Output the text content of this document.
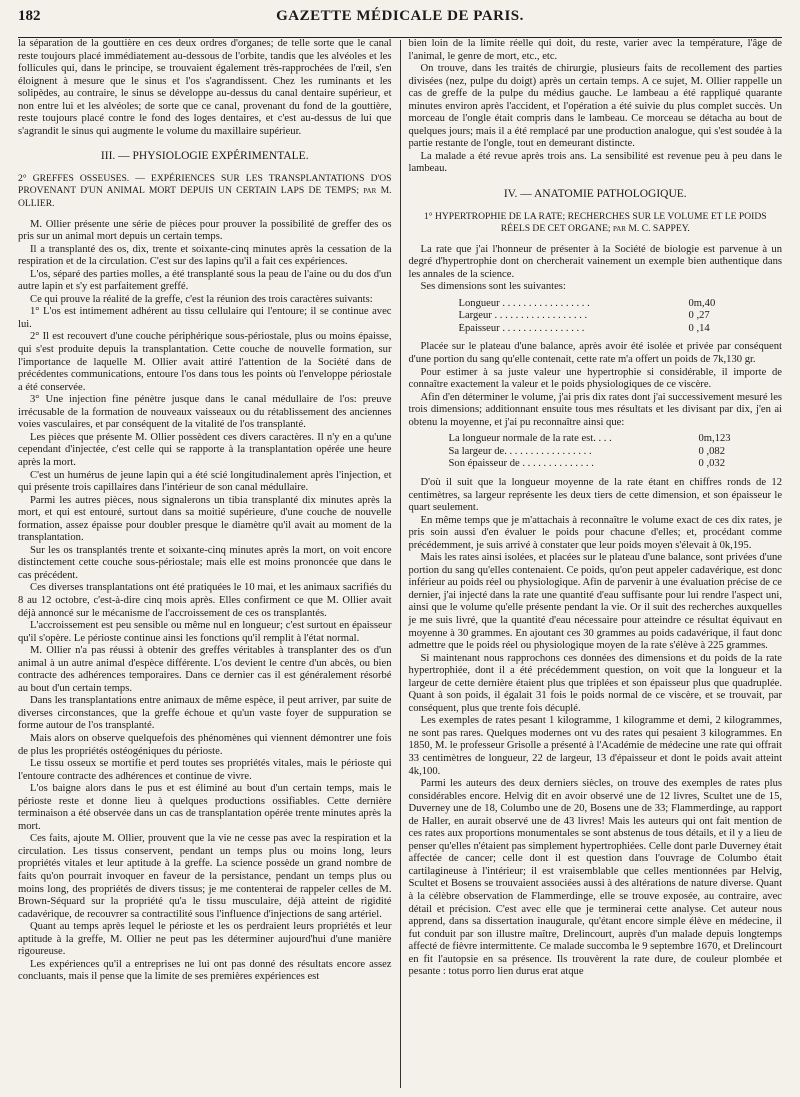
182	GAZETTE MÉDICALE DE PARIS.

la séparation de la gouttière en ces deux ordres d'organes; de telle sorte que le canal reste toujours placé immédiatement au-dessous de l'orbite, tandis que les alvéoles et les follicules qui, dans le principe, se trouvaient également très-rapprochées de l'œil, s'en éloignent à mesure que le sinus et l'os s'agrandissent. Chez les ruminants et les solipèdes, au contraire, le sinus se développe au-dessus du canal dentaire supérieur, et non entre lui et les alvéoles; de sorte que ce canal, provenant du fond de la gouttière, reste toujours placé contre le fond des loges dentaires, et c'est au-dessus de lui que s'agrandit le sinus qui augmente le volume du maxillaire supérieur.

III. — PHYSIOLOGIE EXPÉRIMENTALE.
2° GREFFES OSSEUSES. — EXPÉRIENCES SUR LES TRANSPLANTATIONS D'OS PROVENANT D'UN ANIMAL MORT DEPUIS UN CERTAIN LAPS DE TEMPS; par M. OLLIER.

M. Ollier présente une série de pièces pour prouver la possibilité de greffer des os pris sur un animal mort depuis un certain temps.

Il a transplanté des os, dix, trente et soixante-cinq minutes après la cessation de la respiration et de la circulation. C'est sur des lapins qu'il a fait ces expériences.

L'os, séparé des parties molles, a été transplanté sous la peau de l'aine ou du dos d'un autre lapin et s'y est parfaitement greffé.

Ce qui prouve la réalité de la greffe, c'est la réunion des trois caractères suivants:

1° L'os est intimement adhérent au tissu cellulaire qui l'entoure; il se continue avec lui.

2° Il est recouvert d'une couche périphérique sous-périostale, plus ou moins épaisse, qui s'est produite depuis la transplantation. Cette couche de nouvelle formation, sur l'importance de laquelle M. Ollier avait attiré l'attention de la Société dans de précédentes communications, entoure l'os dans tous les points où l'enveloppe périostale a été conservée.

3° Une injection fine pénètre jusque dans le canal médullaire de l'os: preuve irrécusable de la formation de nouveaux vaisseaux ou du rétablissement des anciennes voies vasculaires, et par conséquent de la vitalité de l'os transplanté.

Les pièces que présente M. Ollier possèdent ces divers caractères. Il n'y en a qu'une cependant d'injectée, c'est celle qui se rapporte à la transplantation opérée une heure après la mort.

C'est un humérus de jeune lapin qui a été scié longitudinalement après l'injection, et qui présente trois capillaires dans l'intérieur de son canal médullaire.

Parmi les autres pièces, nous signalerons un tibia transplanté dix minutes après la mort, et qui est entouré, surtout dans sa moitié supérieure, d'une couche de nouvelle formation, assez épaisse pour doubler presque le diamètre qu'il avait au moment de la transplantation.

Sur les os transplantés trente et soixante-cinq minutes après la mort, on voit encore distinctement cette couche sous-périostale; mais elle est moins prononcée que dans le cas précédent.

Ces diverses transplantations ont été pratiquées le 10 mai, et les animaux sacrifiés du 8 au 12 octobre, c'est-à-dire cinq mois après. Elles confirment ce que M. Ollier avait déjà annoncé sur le mécanisme de l'accroissement de ces os transplantés.

L'accroissement est peu sensible ou même nul en longueur; c'est surtout en épaisseur qu'il s'opère. Le périoste continue ainsi les fonctions qu'il remplit à l'état normal.

M. Ollier n'a pas réussi à obtenir des greffes véritables à transplanter des os d'un animal à un autre animal d'espèce différente. L'os devient le centre d'un abcès, ou bien contracte des adhérences temporaires. Dans ce dernier cas il est généralement résorbé au bout d'un certain temps.

Dans les transplantations entre animaux de même espèce, il peut arriver, par suite de diverses circonstances, que la greffe échoue et qu'un vaste foyer de suppuration se forme autour de l'os transplanté.

Mais alors on observe quelquefois des phénomènes qui viennent démontrer une fois de plus les propriétés ostéogéniques du périoste.

Le tissu osseux se mortifie et perd toutes ses propriétés vitales, mais le périoste qui l'entoure contracte des adhérences et continue de vivre.

L'os baigne alors dans le pus et est éliminé au bout d'un certain temps, mais le périoste reste et donne lieu à quelques productions ossifiables. Cette dernière terminaison a été observée dans un cas de transplantation opérée trente minutes après la mort.

Ces faits, ajoute M. Ollier, prouvent que la vie ne cesse pas avec la respiration et la circulation. Les tissus conservent, pendant un temps plus ou moins long, leurs propriétés vitales et leur aptitude à la greffe. La science possède un grand nombre de faits qu'on pourrait invoquer en faveur de la persistance, pendant un temps plus ou moins long, des propriétés de divers tissus; je me contenterai de rappeler celles de M. Brown-Séquard sur la propriété qu'a le tissu musculaire, déjà atteint de rigidité cadavérique, de recouvrer sa contractilité sous l'influence d'injections de sang artériel.

Quant au temps après lequel le périoste et les os perdraient leurs propriétés et leur aptitude à la greffe, M. Ollier ne peut pas les déterminer aujourd'hui d'une manière rigoureuse.

Les expériences qu'il a entreprises ne lui ont pas donné des résultats encore assez concluants, mais il pense que la limite de ses premières expériences est

bien loin de la limite réelle qui doit, du reste, varier avec la température, l'âge de l'animal, le genre de mort, etc., etc.

On trouve, dans les traités de chirurgie, plusieurs faits de recollement des parties divisées (nez, pulpe du doigt) après un certain temps. A ce sujet, M. Ollier rappelle un cas de greffe de la pulpe du médius gauche. Le lambeau a été rappliqué quarante minutes environ après l'accident, et l'opération a été suivie du plus complet succès. Un morceau de l'ongle était compris dans le lambeau. Ce morceau se détacha au bout de quelques jours; mais il a été remplacé par une production analogue, qui s'est soudée à la partie restante de l'ongle, tout en demeurant distincte.

La malade a été revue après trois ans. La sensibilité est revenue peu à peu dans le lambeau.

IV. — ANATOMIE PATHOLOGIQUE.
1° HYPERTROPHIE DE LA RATE; RECHERCHES SUR LE VOLUME ET LE POIDS RÉELS DE CET ORGANE; par M. C. SAPPEY.

La rate que j'ai l'honneur de présenter à la Société de biologie est parvenue à un degré d'hypertrophie dont on chercherait vainement un exemple bien authentique dans les annales de la science.

Ses dimensions sont les suivantes:

Longueur . . . . . . . . . . . . . . . . .	0m,40
Largeur . . . . . . . . . . . . . . . . . .	0 ,27
Épaisseur . . . . . . . . . . . . . . . .	0 ,14

Placée sur le plateau d'une balance, après avoir été isolée et privée par conséquent d'une portion du sang qu'elle contenait, cette rate m'a offert un poids de 7k,130 gr.

Pour estimer à sa juste valeur une hypertrophie si considérable, il importe de connaître exactement la valeur et le poids physiologiques de ce viscère.

Afin d'en déterminer le volume, j'ai pris dix rates dont j'ai successivement mesuré les trois dimensions; additionnant ensuite tous mes résultats et les divisant par dix, j'en ai obtenu la moyenne, et j'ai pu reconnaître ainsi que:

La longueur normale de la rate est. . . .	0m,123
Sa largeur de. . . . . . . . . . . . . . . . .	0 ,082
Son épaisseur de . . . . . . . . . . . . . .	0 ,032

D'où il suit que la longueur moyenne de la rate étant en chiffres ronds de 12 centimètres, sa largeur représente les deux tiers de cette dimension, et son épaisseur le quart seulement.

En même temps que je m'attachais à reconnaître le volume exact de ces dix rates, je pris soin aussi d'en évaluer le poids pour chacune d'elles; et, procédant comme précédemment, je suis arrivé à constater que leur poids moyen s'élevait à 0k,195.

Mais les rates ainsi isolées, et placées sur le plateau d'une balance, sont privées d'une portion du sang qu'elles contenaient. Ce poids, qu'on peut appeler cadavérique, est donc inférieur au poids réel ou physiologique. Afin de parvenir à une évaluation précise de ce dernier, j'ai injecté dans la rate une quantité d'eau suffisante pour lui rendre l'aspect uni, ainsi que le volume qu'elle présente pendant la vie. Or il suit des recherches auxquelles je me suis livré, que la quantité d'eau nécessaire pour atteindre ce résultat équivaut en moyenne à 30 grammes. En ajoutant ces 30 grammes au poids cadavérique, il faut donc admettre que le poids réel ou physiologique moyen de la rate s'élève à 225 grammes.

Si maintenant nous rapprochons ces données des dimensions et du poids de la rate hypertrophiée, dont il a été précédemment question, on voit que la longueur et la largeur de cette dernière étaient plus que triplées et son épaisseur plus que quadruplée. Quant à son poids, il égalait 31 fois le poids normal de ce viscère, et se trouvait, par conséquent, plus que trente fois décuplé.

Les exemples de rates pesant 1 kilogramme, 1 kilogramme et demi, 2 kilogrammes, ne sont pas rares. Quelques modernes ont vu des rates qui pesaient 3 kilogrammes. En 1850, M. le professeur Grisolle a présenté à l'Académie de médecine une rate qui offrait 33 centimètres de longueur, 22 de largeur, 13 d'épaisseur et dont le poids avait atteint 4k,100.

Parmi les auteurs des deux derniers siècles, on trouve des exemples de rates plus considérables encore. Helvig dit en avoir observé une de 12 livres, Scultet une de 15, Duverney une de 18, Columbo une de 20, Bosens une de 33; Flammerdinge, au rapport de Haller, en aurait observé une de 43 livres! Mais les auteurs qui ont fait mention de ces rates aux proportions monumentales se sont abstenus de tous détails, et il y a lieu de penser qu'elles n'étaient pas simplement hypertrophiées. Celle dont parle Duverney était affectée de cancer; celle dont il est question dans l'ouvrage de Columbo était cartilagineuse à l'intérieur; il est vraisemblable que celles mentionnées par Helvig, Scultet et Bosens se trouvaient associées aussi à des altérations de nature diverse. Quant à la célèbre observation de Flammerdinge, elle se trouve exposée, au contraire, avec détail et précision. C'est avec elle que je terminerai cette analyse. Cet auteur nous apprend, dans sa dissertation inaugurale, qu'étant encore simple élève en médecine, il fut conduit par son illustre maître, Drelincourt, auprès d'un malade depuis longtemps affecté de fièvre intermittente. Ce malade succomba le 9 septembre 1670, et Drelincourt en fit l'autopsie en sa présence. Ils trouvèrent la rate dure, de couleur plombée et pesante : totus porro lien durus erat atque
